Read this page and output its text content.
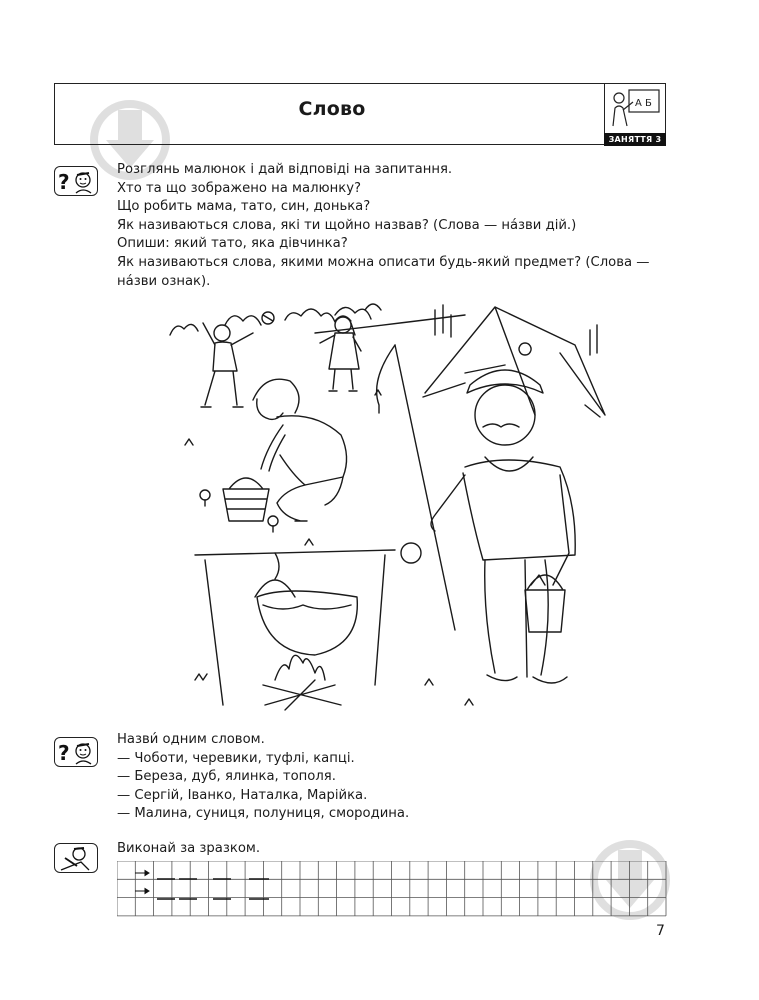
Слово	А Б
ЗАНЯТТЯ 3
?
Розглянь малюнок і дай відповіді на запитання.
Хто та що зображено на малюнку?
Що робить мама, тато, син, донька?
Як називаються слова, які ти щойно назвав? (Слова — на́зви дій.)
Опиши: який тато, яка дівчинка?
Як називаються слова, якими можна описати будь-який предмет? (Слова —
на́зви ознак).
?
Назви́ одним словом.
— Чоботи, черевики, туфлі, капці.
— Береза, дуб, ялинка, тополя.
— Сергій, Іванко, Наталка, Марійка.
— Малина, суниця, полуниця, смородина.
Виконай за зразком.
7
